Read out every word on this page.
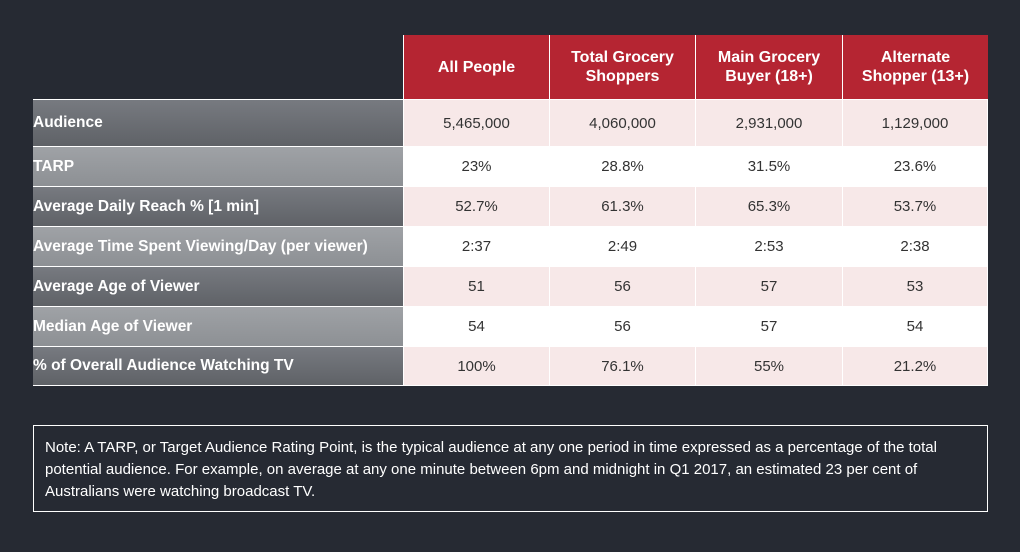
	All People	Total Grocery Shoppers	Main Grocery Buyer (18+)	Alternate Shopper (13+)
Audience	5,465,000	4,060,000	2,931,000	1,129,000
TARP	23%	28.8%	31.5%	23.6%
Average Daily Reach % [1 min]	52.7%	61.3%	65.3%	53.7%
Average Time Spent Viewing/Day (per viewer)	2:37	2:49	2:53	2:38
Average Age of Viewer	51	56	57	53
Median Age of Viewer	54	56	57	54
% of Overall Audience Watching TV	100%	76.1%	55%	21.2%
Note: A TARP, or Target Audience Rating Point, is the typical audience at any one period in time expressed as a percentage of the total potential audience. For example, on average at any one minute between 6pm and midnight in Q1 2017, an estimated 23 per cent of Australians were watching broadcast TV.
